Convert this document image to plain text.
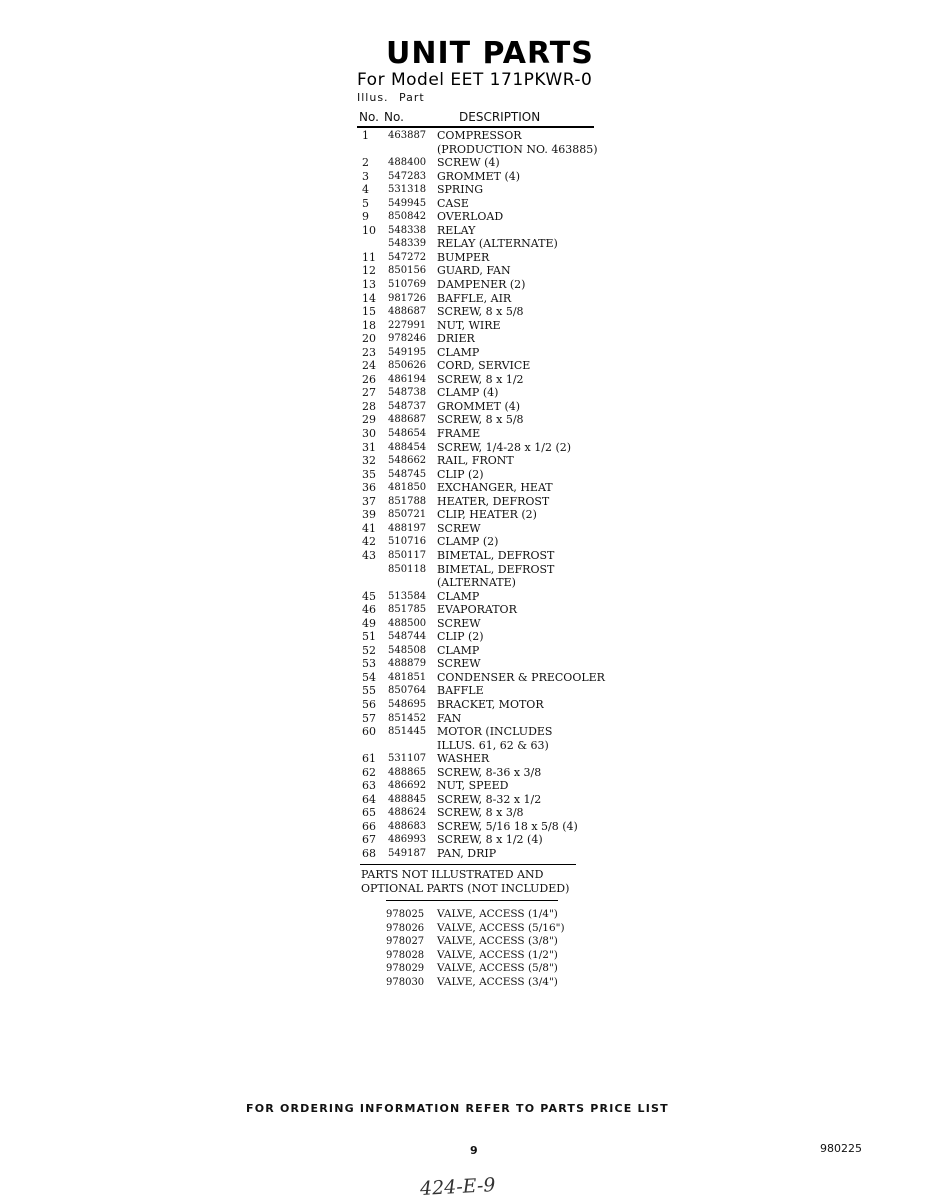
UNIT PARTS
For Model EET 171PKWR-0
Illus. Part
No. No.	DESCRIPTION
1	463887 COMPRESSOR
(PRODUCTION NO. 463885)
2	488400 SCREW (4)
3	547283 GROMMET (4)
4	531318 SPRING
5	549945 CASE
9	850842 OVERLOAD
10	548338 RELAY
548339 RELAY (ALTERNATE)
11	547272 BUMPER
12	850156 GUARD, FAN
13	510769 DAMPENER (2)
14	981726 BAFFLE, AIR
15	488687 SCREW, 8 x 5/8
18	227991 NUT, WIRE
20	978246 DRIER
23	549195 CLAMP
24	850626 CORD, SERVICE
26	486194 SCREW, 8 x 1/2
27	548738 CLAMP (4)
28	548737 GROMMET (4)
29	488687 SCREW, 8 x 5/8
30	548654 FRAME
31	488454 SCREW, 1/4-28 x 1/2 (2)
32	548662 RAIL, FRONT
35	548745 CLIP (2)
36	481850 EXCHANGER, HEAT
37	851788 HEATER, DEFROST
39	850721 CLIP, HEATER (2)
41	488197 SCREW
42	510716 CLAMP (2)
43	850117 BIMETAL, DEFROST
850118 BIMETAL, DEFROST
(ALTERNATE)
45	513584 CLAMP
46	851785 EVAPORATOR
49	488500 SCREW
51	548744 CLIP (2)
52	548508 CLAMP
53	488879 SCREW
54	481851 CONDENSER & PRECOOLER
55	850764 BAFFLE
56	548695 BRACKET, MOTOR
57	851452 FAN
60	851445 MOTOR (INCLUDES
ILLUS. 61, 62 & 63)
61	531107 WASHER
62	488865 SCREW, 8-36 x 3/8
63	486692 NUT, SPEED
64	488845 SCREW, 8-32 x 1/2
65	488624 SCREW, 8 x 3/8
66	488683 SCREW, 5/16 18 x 5/8 (4)
67	486993 SCREW, 8 x 1/2 (4)
68	549187 PAN, DRIP
PARTS NOT ILLUSTRATED AND
OPTIONAL PARTS (NOT INCLUDED)
978025	VALVE, ACCESS (1/4")
978026	VALVE, ACCESS (5/16")
978027	VALVE, ACCESS (3/8")
978028	VALVE, ACCESS (1/2")
978029	VALVE, ACCESS (5/8")
978030	VALVE, ACCESS (3/4")
FOR ORDERING INFORMATION REFER TO PARTS PRICE LIST
9	980225
424-E-9
